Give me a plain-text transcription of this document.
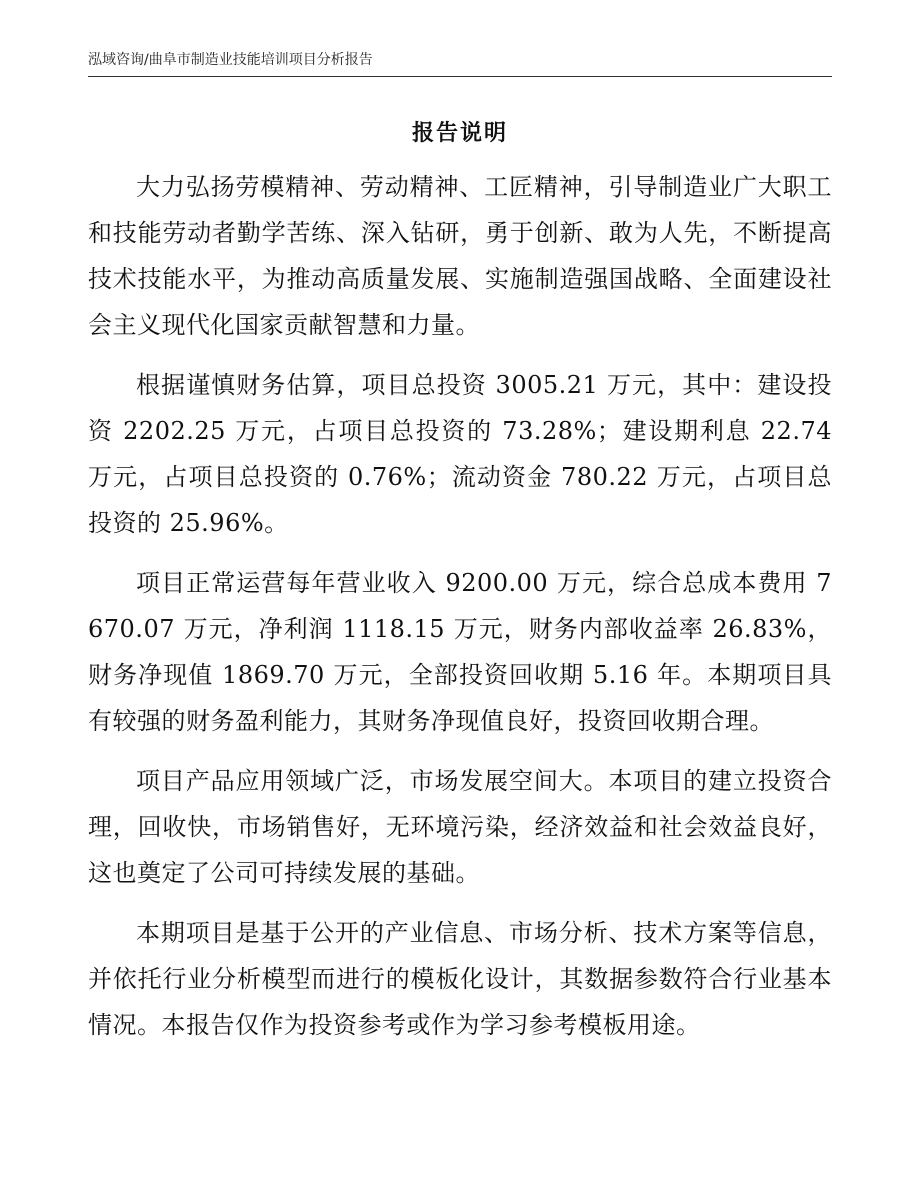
泓域咨询/曲阜市制造业技能培训项目分析报告
报告说明

大力弘扬劳模精神、劳动精神、工匠精神，引导制造业广大职工和技能劳动者勤学苦练、深入钻研，勇于创新、敢为人先，不断提高技术技能水平，为推动高质量发展、实施制造强国战略、全面建设社会主义现代化国家贡献智慧和力量。

根据谨慎财务估算，项目总投资 3005.21 万元，其中：建设投资 2202.25 万元，占项目总投资的 73.28%；建设期利息 22.74 万元，占项目总投资的 0.76%；流动资金 780.22 万元，占项目总投资的 25.96%。

项目正常运营每年营业收入 9200.00 万元，综合总成本费用 7670.07 万元，净利润 1118.15 万元，财务内部收益率 26.83%，财务净现值 1869.70 万元，全部投资回收期 5.16 年。本期项目具有较强的财务盈利能力，其财务净现值良好，投资回收期合理。

项目产品应用领域广泛，市场发展空间大。本项目的建立投资合理，回收快，市场销售好，无环境污染，经济效益和社会效益良好，这也奠定了公司可持续发展的基础。

本期项目是基于公开的产业信息、市场分析、技术方案等信息，并依托行业分析模型而进行的模板化设计，其数据参数符合行业基本情况。本报告仅作为投资参考或作为学习参考模板用途。
